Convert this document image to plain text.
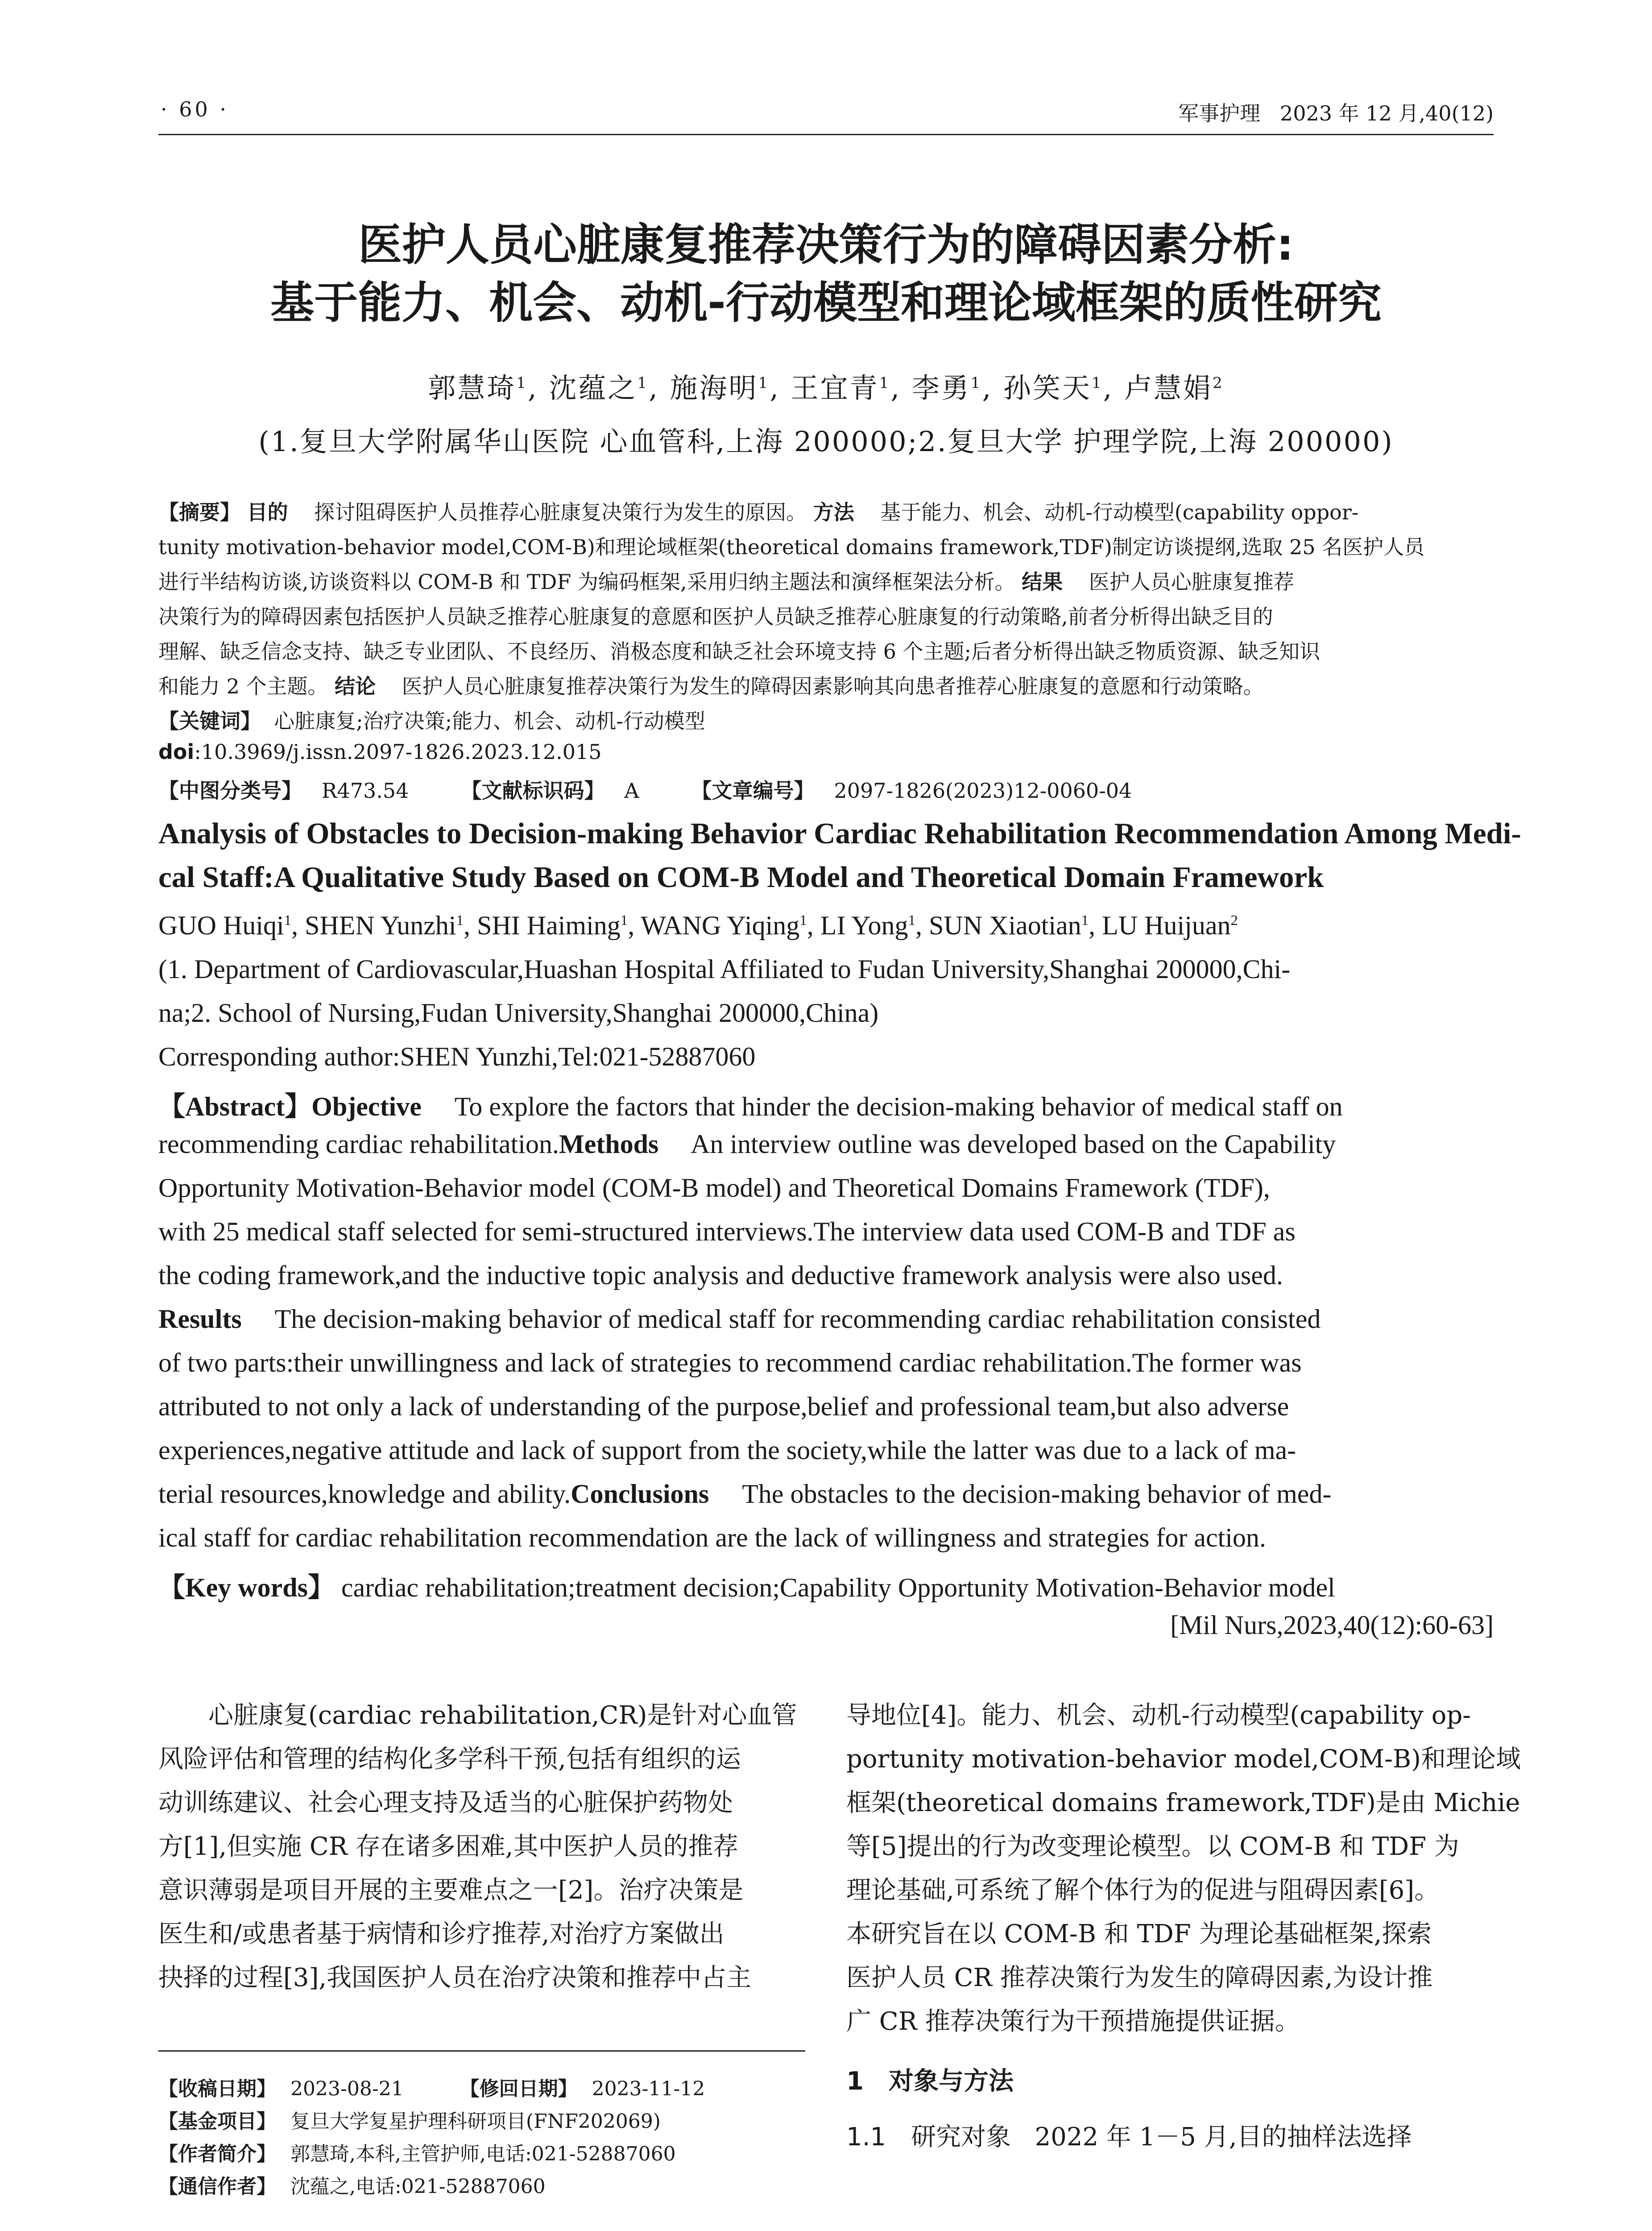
· 60 ·	军事护理 2023 年 12 月,40(12)
医护人员心脏康复推荐决策行为的障碍因素分析:
基于能力、机会、动机-行动模型和理论域框架的质性研究
郭慧琦$^1$, 沈蕴之$^1$, 施海明$^1$, 王宜青$^1$, 李勇$^1$, 孙笑天$^1$, 卢慧娟$^2$
(1.复旦大学附属华山医院 心血管科,上海 200000;2.复旦大学 护理学院,上海 200000)
【摘要】 目的 探讨阻碍医护人员推荐心脏康复决策行为发生的原因。 方法 基于能力、机会、动机-行动模型(capability oppor-
tunity motivation-behavior model,COM-B)和理论域框架(theoretical domains framework,TDF)制定访谈提纲,选取 25 名医护人员
进行半结构访谈,访谈资料以 COM-B 和 TDF 为编码框架,采用归纳主题法和演绎框架法分析。 结果 医护人员心脏康复推荐
决策行为的障碍因素包括医护人员缺乏推荐心脏康复的意愿和医护人员缺乏推荐心脏康复的行动策略,前者分析得出缺乏目的
理解、缺乏信念支持、缺乏专业团队、不良经历、消极态度和缺乏社会环境支持 6 个主题;后者分析得出缺乏物质资源、缺乏知识
和能力 2 个主题。 结论 医护人员心脏康复推荐决策行为发生的障碍因素影响其向患者推荐心脏康复的意愿和行动策略。
【关键词】 心脏康复;治疗决策;能力、机会、动机-行动模型
doi:10.3969/j.issn.2097-1826.2023.12.015
【中图分类号】 R473.54	【文献标识码】 A	【文章编号】 2097-1826(2023)12-0060-04
Analysis of Obstacles to Decision-making Behavior Cardiac Rehabilitation Recommendation Among Medi-
cal Staff:A Qualitative Study Based on COM-B Model and Theoretical Domain Framework
GUO Huiqi$^1$, SHEN Yunzhi$^1$, SHI Haiming$^1$, WANG Yiqing$^1$, LI Yong$^1$, SUN Xiaotian$^1$, LU Huijuan$^2$
(1. Department of Cardiovascular,Huashan Hospital Affiliated to Fudan University,Shanghai 200000,Chi-
na;2. School of Nursing,Fudan University,Shanghai 200000,China)
Corresponding author:SHEN Yunzhi,Tel:021-52887060
【Abstract】Objective To explore the factors that hinder the decision-making behavior of medical staff on
recommending cardiac rehabilitation.Methods An interview outline was developed based on the Capability
Opportunity Motivation-Behavior model (COM-B model) and Theoretical Domains Framework (TDF),
with 25 medical staff selected for semi-structured interviews.The interview data used COM-B and TDF as
the coding framework,and the inductive topic analysis and deductive framework analysis were also used.
Results The decision-making behavior of medical staff for recommending cardiac rehabilitation consisted
of two parts:their unwillingness and lack of strategies to recommend cardiac rehabilitation.The former was
attributed to not only a lack of understanding of the purpose,belief and professional team,but also adverse
experiences,negative attitude and lack of support from the society,while the latter was due to a lack of ma-
terial resources,knowledge and ability.Conclusions The obstacles to the decision-making behavior of med-
ical staff for cardiac rehabilitation recommendation are the lack of willingness and strategies for action.
【Key words】 cardiac rehabilitation;treatment decision;Capability Opportunity Motivation-Behavior model
[Mil Nurs,2023,40(12):60-63]
　　心脏康复(cardiac rehabilitation,CR)是针对心血管
风险评估和管理的结构化多学科干预,包括有组织的运
动训练建议、社会心理支持及适当的心脏保护药物处
方[1],但实施 CR 存在诸多困难,其中医护人员的推荐
意识薄弱是项目开展的主要难点之一[2]。治疗决策是
医生和/或患者基于病情和诊疗推荐,对治疗方案做出
抉择的过程[3],我国医护人员在治疗决策和推荐中占主
【收稿日期】 2023-08-21	【修回日期】 2023-11-12
【基金项目】 复旦大学复星护理科研项目(FNF202069)
【作者简介】 郭慧琦,本科,主管护师,电话:021-52887060
【通信作者】 沈蕴之,电话:021-52887060
导地位[4]。能力、机会、动机-行动模型(capability op-
portunity motivation-behavior model,COM-B)和理论域
框架(theoretical domains framework,TDF)是由 Michie
等[5]提出的行为改变理论模型。以 COM-B 和 TDF 为
理论基础,可系统了解个体行为的促进与阻碍因素[6]。
本研究旨在以 COM-B 和 TDF 为理论基础框架,探索
医护人员 CR 推荐决策行为发生的障碍因素,为设计推
广 CR 推荐决策行为干预措施提供证据。
1　对象与方法
1.1　研究对象 2022 年 1－5 月,目的抽样法选择
